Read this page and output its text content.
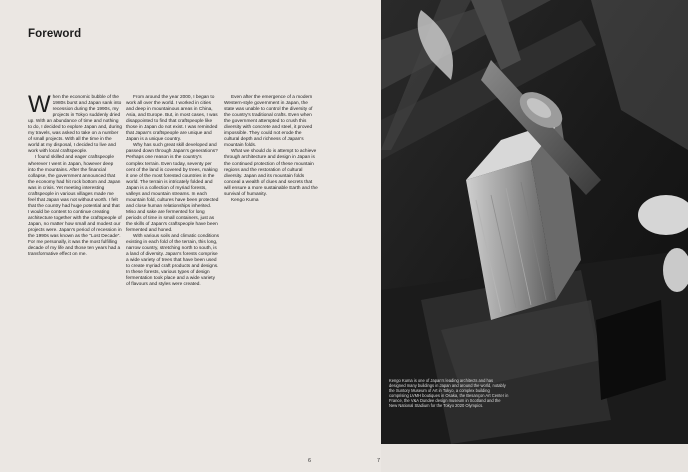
Foreword

When the economic bubble of the 1980s burst and Japan sank into recession during the 1990s, my projects in Tokyo suddenly dried up. With an abundance of time and nothing to do, I decided to explore Japan and, during my travels, was asked to take on a number of small projects. With all the time in the world at my disposal, I decided to live and work with local craftspeople.

I found skilled and eager craftspeople wherever I went in Japan, however deep into the mountains. After the financial collapse, the government announced that the economy had hit rock bottom and Japan was in crisis. Yet meeting interesting craftspeople in various villages made me feel that Japan was not without worth. I felt that the country had huge potential and that I would be content to continue creating architecture together with the craftspeople of Japan, no matter how small and modest our projects were. Japan's period of recession in the 1990s was known as the "Lost Decade". For me personally, it was the most fulfilling decade of my life and those ten years had a transformative effect on me.

From around the year 2000, I began to work all over the world. I worked in cities and deep in mountainous areas in China, Asia, and Europe. But, in most cases, I was disappointed to find that craftspeople like those in Japan do not exist. I was reminded that Japan's craftspeople are unique and Japan is a unique country.

Why has such great skill developed and passed down through Japan's generations? Perhaps one reason is the country's complex terrain. Even today, seventy per cent of the land is covered by trees, making it one of the most forested countries in the world. The terrain is intricately folded and Japan is a collection of myriad forests, valleys and mountain streams. In each mountain fold, cultures have been protected and close human relationships inherited. Miso and sake are fermented for long periods of time in small containers, just as the skills of Japan's craftspeople have been fermented and honed.

With various soils and climatic conditions existing in each fold of the terrain, this long, narrow country, stretching north to south, is a land of diversity. Japan's forests comprise a wide variety of trees that have been used to create myriad craft products and designs. In these forests, various types of design fermentation took place and a wide variety of flavours and styles were created.

Even after the emergence of a modern Western-style government in Japan, the state was unable to control the diversity of the country's traditional crafts. Even when the government attempted to crush this diversity with concrete and steel, it proved impossible. They could not erode the cultural depth and richness of Japan's mountain folds.

What we should do is attempt to achieve through architecture and design in Japan is the continued protection of these mountain regions and the restoration of cultural diversity. Japan and its mountain folds conceal a wealth of clues and secrets that will ensure a more sustainable Earth and the survival of humanity.

Kengo Kuma

6
Kengo Kuma is one of Japan's leading architects and has designed many buildings in Japan and around the world, notably the Suntory Museum of Art in Tokyo, a complex building comprising LVMH boutiques in Osaka, the Besançon Art Center in France, the V&A Dundee design museum in Scotland and the New National Stadium for the Tokyo 2020 Olympics.
7
